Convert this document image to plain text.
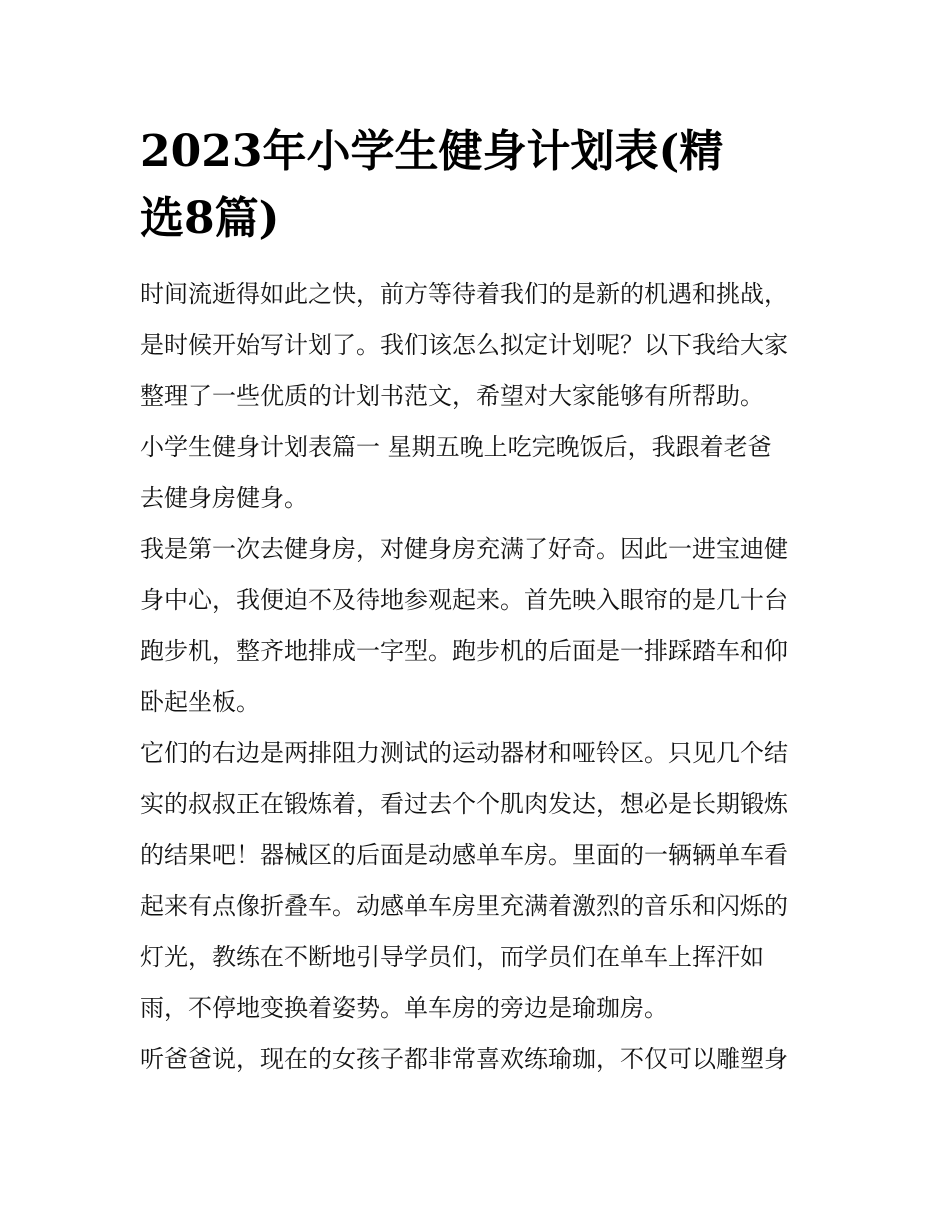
2023年小学生健身计划表(精
选8篇)

时间流逝得如此之快，前方等待着我们的是新的机遇和挑战，
是时候开始写计划了。我们该怎么拟定计划呢？以下我给大家
整理了一些优质的计划书范文，希望对大家能够有所帮助。

小学生健身计划表篇一 星期五晚上吃完晚饭后，我跟着老爸
去健身房健身。

我是第一次去健身房，对健身房充满了好奇。因此一进宝迪健
身中心，我便迫不及待地参观起来。首先映入眼帘的是几十台
跑步机，整齐地排成一字型。跑步机的后面是一排踩踏车和仰
卧起坐板。

它们的右边是两排阻力测试的运动器材和哑铃区。只见几个结
实的叔叔正在锻炼着，看过去个个肌肉发达，想必是长期锻炼
的结果吧！器械区的后面是动感单车房。里面的一辆辆单车看
起来有点像折叠车。动感单车房里充满着激烈的音乐和闪烁的
灯光，教练在不断地引导学员们，而学员们在单车上挥汗如
雨，不停地变换着姿势。单车房的旁边是瑜珈房。

听爸爸说，现在的女孩子都非常喜欢练瑜珈，不仅可以雕塑身
